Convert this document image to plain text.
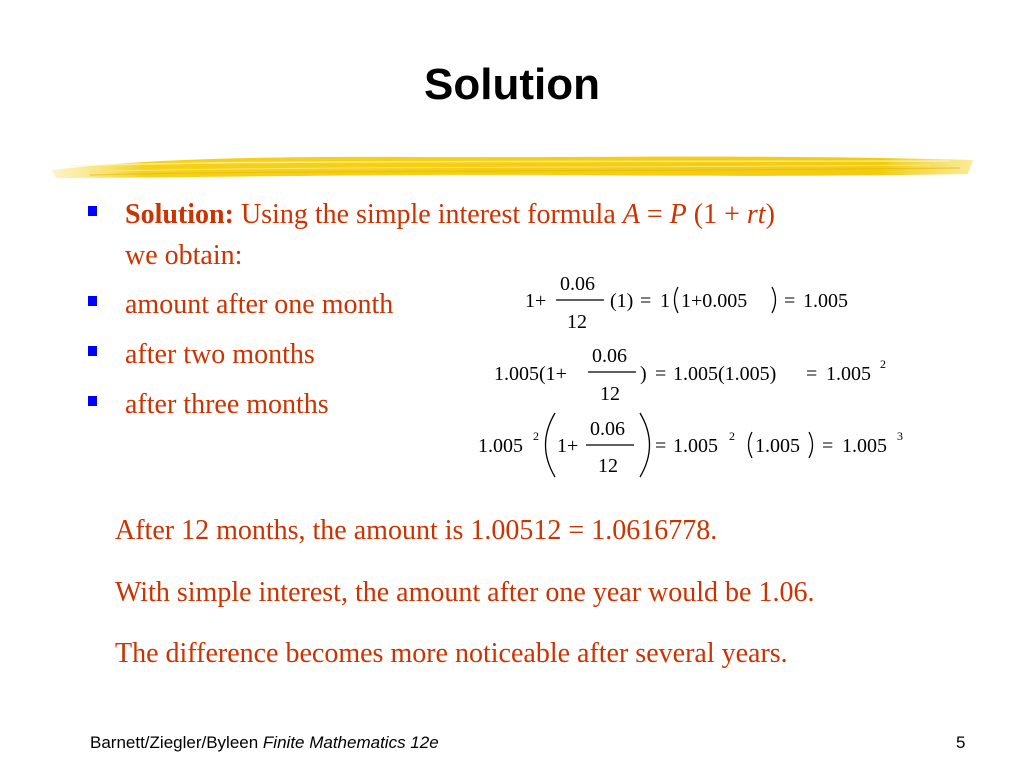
Solution
Solution: Using the simple interest formula A = P (1 + rt)
we obtain:
amount after one month
after two months
after three months
1+
0.06
12
(1) = 1 1+0.005 = 1.005
1.005(1+
0.06
12
) = 1.005(1.005) = 1.005 2
1.005 2 1+
0.06
12
= 1.005 2 1.005 = 1.005 3
After 12 months, the amount is 1.00512 = 1.0616778.
With simple interest, the amount after one year would be 1.06.
The difference becomes more noticeable after several years.
Barnett/Ziegler/Byleen Finite Mathematics 12e	5
